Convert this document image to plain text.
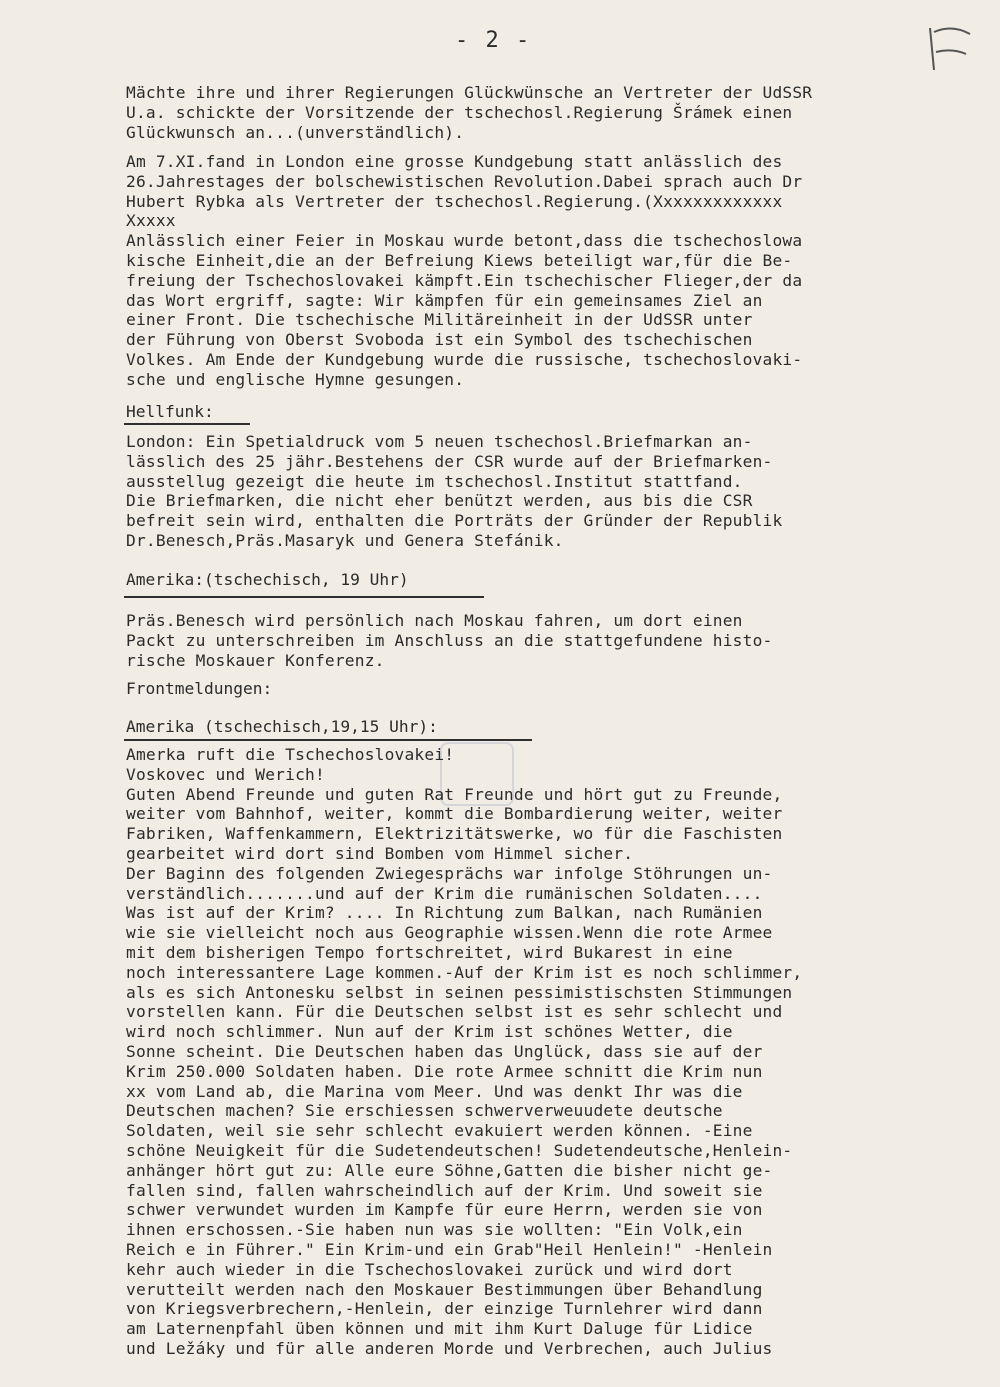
- 2 -
Mächte ihre und ihrer Regierungen Glückwünsche an Vertreter der UdSSR
U.a. schickte der Vorsitzende der tschechosl.Regierung Šrámek einen
Glückwunsch an...(unverständlich).
Am 7.XI.fand in London eine grosse Kundgebung statt anlässlich des
26.Jahrestages der bolschewistischen Revolution.Dabei sprach auch Dr
Hubert Rybka als Vertreter der tschechosl.Regierung.(Xxxxxxxxxxxxx
Xxxxx
Anlässlich einer Feier in Moskau wurde betont,dass die tschechoslowa
kische Einheit,die an der Befreiung Kiews beteiligt war,für die Be-
freiung der Tschechoslovakei kämpft.Ein tschechischer Flieger,der da
das Wort ergriff, sagte: Wir kämpfen für ein gemeinsames Ziel an
einer Front. Die tschechische Militäreinheit in der UdSSR unter
der Führung von Oberst Svoboda ist ein Symbol des tschechischen
Volkes. Am Ende der Kundgebung wurde die russische, tschechoslovaki-
sche und englische Hymne gesungen.
Hellfunk:
London: Ein Spetialdruck vom 5 neuen tschechosl.Briefmarkan an-
lässlich des 25 jähr.Bestehens der CSR wurde auf der Briefmarken-
ausstellug gezeigt die heute im tschechosl.Institut stattfand.
Die Briefmarken, die nicht eher benützt werden, aus bis die CSR
befreit sein wird, enthalten die Porträts der Gründer der Republik
Dr.Benesch,Präs.Masaryk und Genera Stefánik.
Amerika:(tschechisch, 19 Uhr)
Präs.Benesch wird persönlich nach Moskau fahren, um dort einen
Packt zu unterschreiben im Anschluss an die stattgefundene histo-
rische Moskauer Konferenz.
Frontmeldungen:
Amerika (tschechisch,19,15 Uhr):
Amerka ruft die Tschechoslovakei!
Voskovec und Werich!
Guten Abend Freunde und guten Rat Freunde und hört gut zu Freunde,
weiter vom Bahnhof, weiter, kommt die Bombardierung weiter, weiter
Fabriken, Waffenkammern, Elektrizitätswerke, wo für die Faschisten
gearbeitet wird dort sind Bomben vom Himmel sicher.
Der Baginn des folgenden Zwiegesprächs war infolge Stöhrungen un-
verständlich.......und auf der Krim die rumänischen Soldaten....
Was ist auf der Krim? .... In Richtung zum Balkan, nach Rumänien
wie sie vielleicht noch aus Geographie wissen.Wenn die rote Armee
mit dem bisherigen Tempo fortschreitet, wird Bukarest in eine
noch interessantere Lage kommen.-Auf der Krim ist es noch schlimmer,
als es sich Antonesku selbst in seinen pessimistischsten Stimmungen
vorstellen kann. Für die Deutschen selbst ist es sehr schlecht und
wird noch schlimmer. Nun auf der Krim ist schönes Wetter, die
Sonne scheint. Die Deutschen haben das Unglück, dass sie auf der
Krim 250.000 Soldaten haben. Die rote Armee schnitt die Krim nun
xx vom Land ab, die Marina vom Meer. Und was denkt Ihr was die
Deutschen machen? Sie erschiessen schwerverweuudete deutsche
Soldaten, weil sie sehr schlecht evakuiert werden können. -Eine
schöne Neuigkeit für die Sudetendeutschen! Sudetendeutsche,Henlein-
anhänger hört gut zu: Alle eure Söhne,Gatten die bisher nicht ge-
fallen sind, fallen wahrscheindlich auf der Krim. Und soweit sie
schwer verwundet wurden im Kampfe für eure Herrn, werden sie von
ihnen erschossen.-Sie haben nun was sie wollten: "Ein Volk,ein
Reich e in Führer." Ein Krim-und ein Grab"Heil Henlein!" -Henlein
kehr auch wieder in die Tschechoslovakei zurück und wird dort
verutteilt werden nach den Moskauer Bestimmungen über Behandlung
von Kriegsverbrechern,-Henlein, der einzige Turnlehrer wird dann
am Laternenpfahl üben können und mit ihm Kurt Daluge für Lidice
und Ležáky und für alle anderen Morde und Verbrechen, auch Julius
